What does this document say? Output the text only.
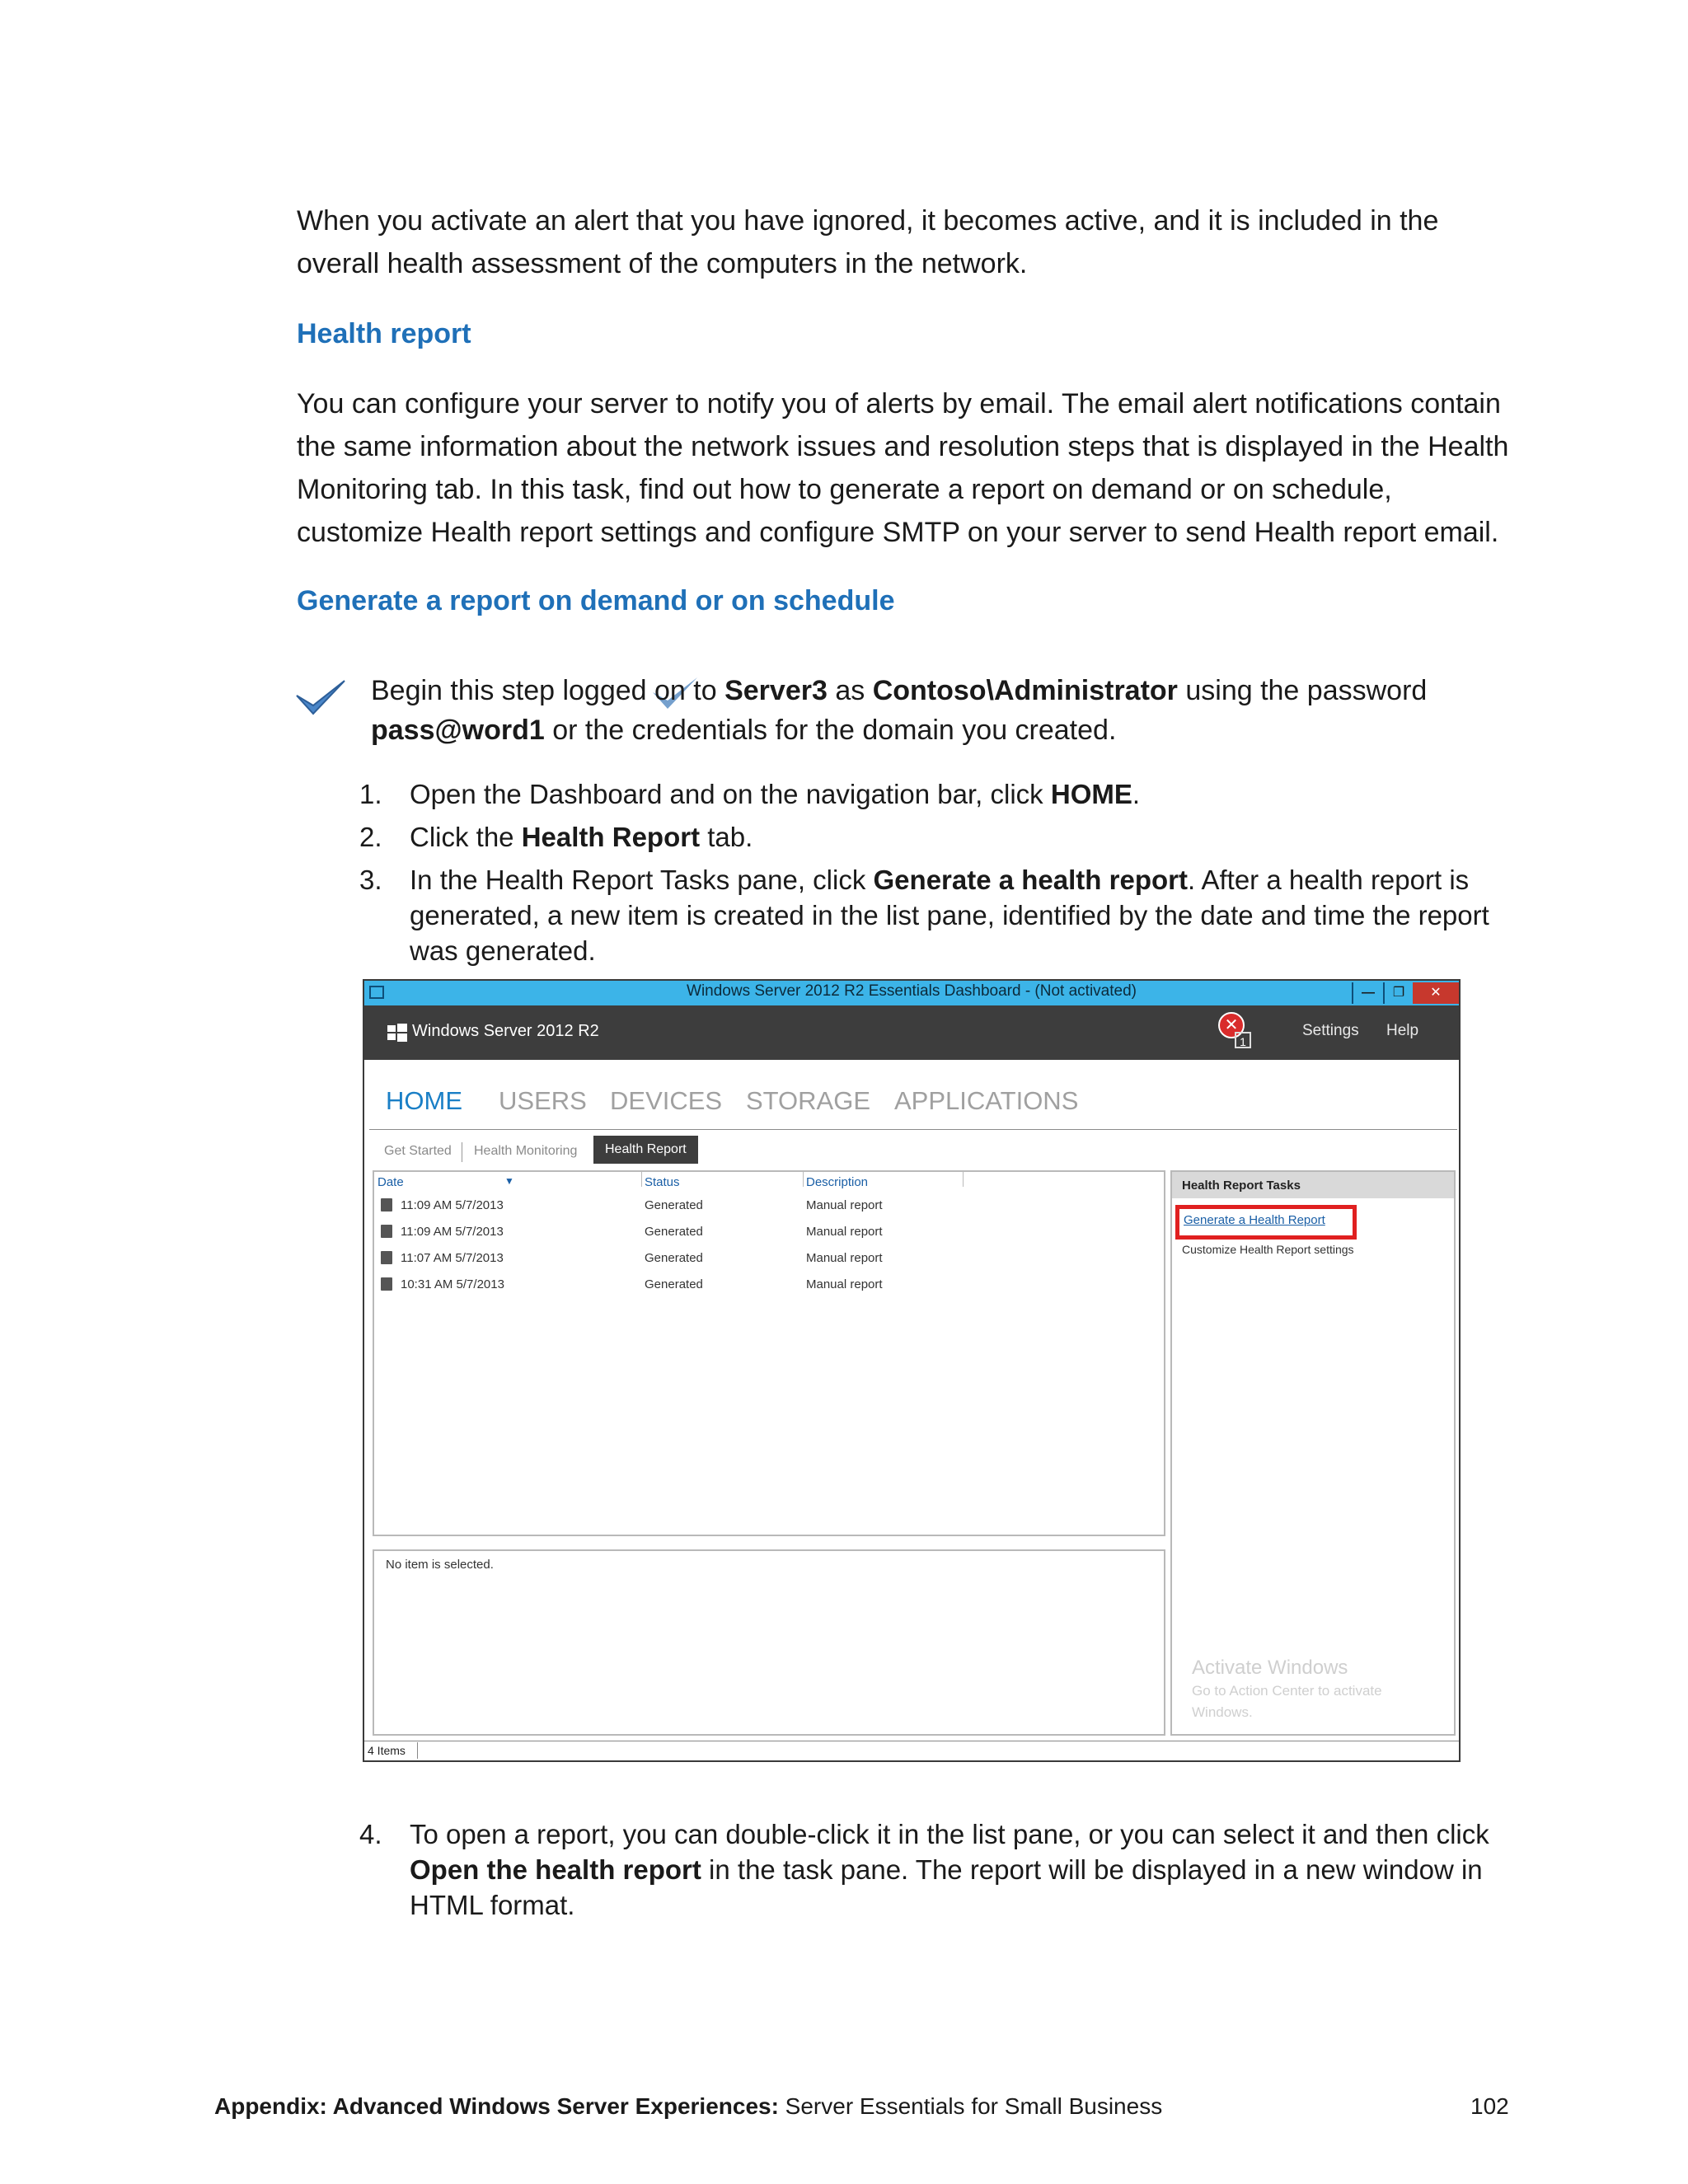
When you activate an alert that you have ignored, it becomes active, and it is included in the
overall health assessment of the computers in the network.
Health report
You can configure your server to notify you of alerts by email. The email alert notifications contain
the same information about the network issues and resolution steps that is displayed in the Health
Monitoring tab. In this task, find out how to generate a report on demand or on schedule,
customize Health report settings and configure SMTP on your server to send Health report email.
Generate a report on demand or on schedule
Begin this step logged on to Server3 as Contoso\Administrator using the password
pass@word1 or the credentials for the domain you created.
1. Open the Dashboard and on the navigation bar, click HOME.
2. Click the Health Report tab.
3. In the Health Report Tasks pane, click Generate a health report. After a health report is
generated, a new item is created in the list pane, identified by the date and time the report
was generated.
Windows Server 2012 R2 Essentials Dashboard - (Not activated)	—	❐	✕
Windows Server 2012 R2	✕
1
Settings Help
HOME USERS DEVICES STORAGE APPLICATIONS
Get Started Health Monitoring	Health Report
Date	▼	Status	Description
11:09 AM 5/7/2013	Generated	Manual report
11:09 AM 5/7/2013	Generated	Manual report
11:07 AM 5/7/2013	Generated	Manual report
10:31 AM 5/7/2013	Generated	Manual report
No item is selected.
Health Report Tasks
Generate a Health Report
Customize Health Report settings
Activate Windows
Go to Action Center to activate
Windows.
4 Items
4. To open a report, you can double-click it in the list pane, or you can select it and then click
Open the health report in the task pane. The report will be displayed in a new window in
HTML format.
Appendix: Advanced Windows Server Experiences: Server Essentials for Small Business	102
